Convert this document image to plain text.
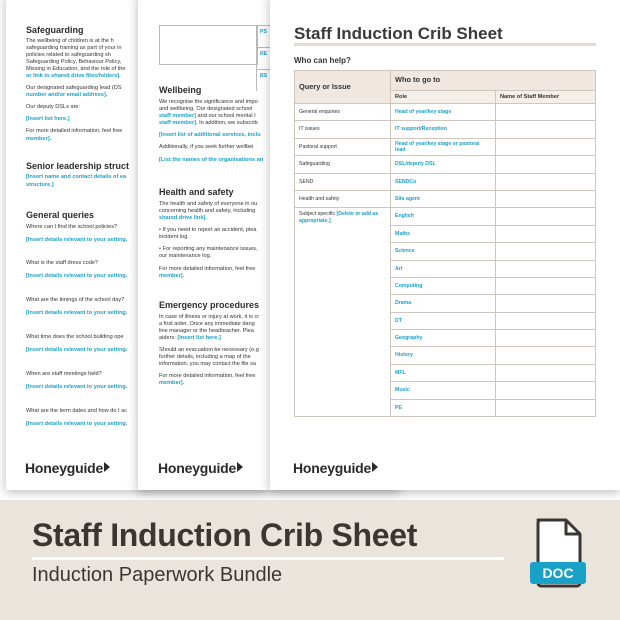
Safeguarding
The wellbeing of children is at the h
safeguarding training as part of your in
policies related to safeguarding sh
Safeguarding Policy, Behaviour Policy,
Missing in Education, and the role of the
or link to shared drive files/folders].
Our designated safeguarding lead (DS
number and/or email address].
Our deputy DSLs are:
[Insert list here.]
For more detailed information, feel free
member].
Senior leadership struct
[Insert name and contact details of ea
structure.]
General queries
Where can I find the school policies?
[Insert details relevant to your setting.
What is the staff dress code?
[Insert details relevant to your setting.
What are the timings of the school day?
[Insert details relevant to your setting.
What time does the school building ope
[Insert details relevant to your setting.
When are staff meetings held?
[Insert details relevant to your setting.
What are the term dates and how do I ac
[Insert details relevant to your setting.
Honeyguide
PS
RE
RS
Wellbeing
We recognise the significance and impo
and wellbeing. Our designated school
staff member] and our school mental I
staff member]. In addition, we subscrib
[Insert list of additional services, inclu
Additionally, if you seek further wellbei
[List the names of the organisations an
Health and safety
The health and safety of everyone in ou
concerning health and safety, including
shared drive link].
• If you need to report an accident, plea
incident log.
• For reporting any maintenance issues,
our maintenance log.
For more detailed information, feel free
member].
Emergency procedures
In case of illness or injury at work, it is cr
a first aider. Once any immediate dang
line manager or the headteacher. Plea
aiders: [Insert list here.]
Should an evacuation be necessary (e.g
further details, including a map of the
information, you may contact the file sa
For more detailed information, feel free
member].
Honeyguide
Staff Induction Crib Sheet
Who can help?
Query or Issue	Who to go to	
	Role	Name of Staff Member
General enquiries	Head of year/key stage	
IT issues	IT support/Reception	
Pastoral support	Head of year/key stage or pastoral lead	
Safeguarding	DSL/deputy DSL	
SEND	SENDCo	
Health and safety	Site agent	
Subject specific [Delete or add as appropriate.]	English	
	Maths	
	Science	
	Art	
	Computing	
	Drama	
	DT	
	Geography	
	History	
	MFL	
	Music	
	PE	
Honeyguide
Staff Induction Crib Sheet
Induction Paperwork Bundle	DOC
